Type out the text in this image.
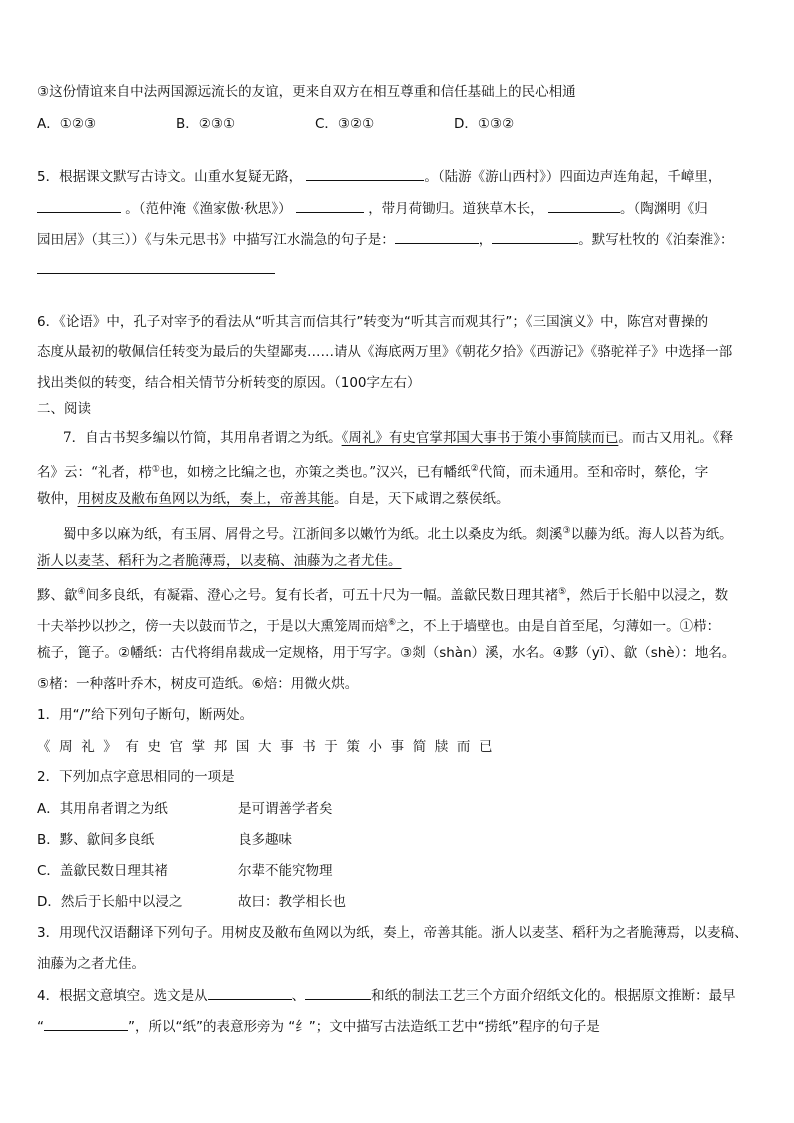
③这份情谊来自中法两国源远流长的友谊，更来自双方在相互尊重和信任基础上的民心相通
A．①②③	B．②③①	C．③②①	D．①③②
5．根据课文默写古诗文。山重水复疑无路，	。（陆游《游山西村》）四面边声连角起，千嶂里，
。（范仲淹《渔家傲·秋思》）	，带月荷锄归。道狭草木长，	。（陶渊明《归
园田居》（其三））《与朱元思书》中描写江水湍急的句子是：	，	。默写杜牧的《泊秦淮》：
6．《论语》中，孔子对宰予的看法从“听其言而信其行”转变为“听其言而观其行”；《三国演义》中，陈宫对曹操的
态度从最初的敬佩信任转变为最后的失望鄙夷……请从《海底两万里》《朝花夕拾》《西游记》《骆驼祥子》中选择一部
找出类似的转变，结合相关情节分析转变的原因。（100字左右）
二、阅读
7．自古书契多编以竹简，其用帛者谓之为纸。《周礼》有史官掌邦国大事书于策小事简牍而已。而古又用礼。《释
名》云：“礼者，栉①也，如榜之比编之也，亦策之类也。”汉兴，已有幡纸②代简，而未通用。至和帝时，蔡伦，字
敬仲，用树皮及敝布鱼网以为纸，奏上，帝善其能。自是，天下咸谓之蔡侯纸。
蜀中多以麻为纸，有玉屑、屑骨之号。江浙间多以嫩竹为纸。北土以桑皮为纸。剡溪③以藤为纸。海人以苔为纸。
浙人以麦茎、稻秆为之者脆薄焉，以麦稿、油藤为之者尤佳。
黟、歙④间多良纸，有凝霜、澄心之号。复有长者，可五十尺为一幅。盖歙民数日理其褚⑤，然后于长船中以浸之，数
十夫举抄以抄之，傍一夫以鼓而节之，于是以大熏笼周而焙⑥之，不上于墙壁也。由是自首至尾，匀薄如一。①栉：
梳子，篦子。②幡纸：古代将绢帛裁成一定规格，用于写字。③剡（shàn）溪，水名。④黟（yī）、歙（shè）：地名。
⑤楮：一种落叶乔木，树皮可造纸。⑥焙：用微火烘。
1．用“/”给下列句子断句，断两处。
《周礼》有史官掌邦国大事书于策小事简牍而已
2．下列加点字意思相同的一项是
A．其用帛者谓之为纸	是可谓善学者矣
B．黟、歙间多良纸	良多趣味
C．盖歙民数日理其褚	尔辈不能究物理
D．然后于长船中以浸之	故曰：教学相长也
3．用现代汉语翻译下列句子。用树皮及敝布鱼网以为纸，奏上，帝善其能。浙人以麦茎、稻秆为之者脆薄焉，以麦稿、
油藤为之者尤佳。
4．根据文意填空。选文是从	、	和纸的制法工艺三个方面介绍纸文化的。根据原文推断：最早
“	”，所以“纸”的表意形旁为 “纟”；文中描写古法造纸工艺中“捞纸”程序的句子是
